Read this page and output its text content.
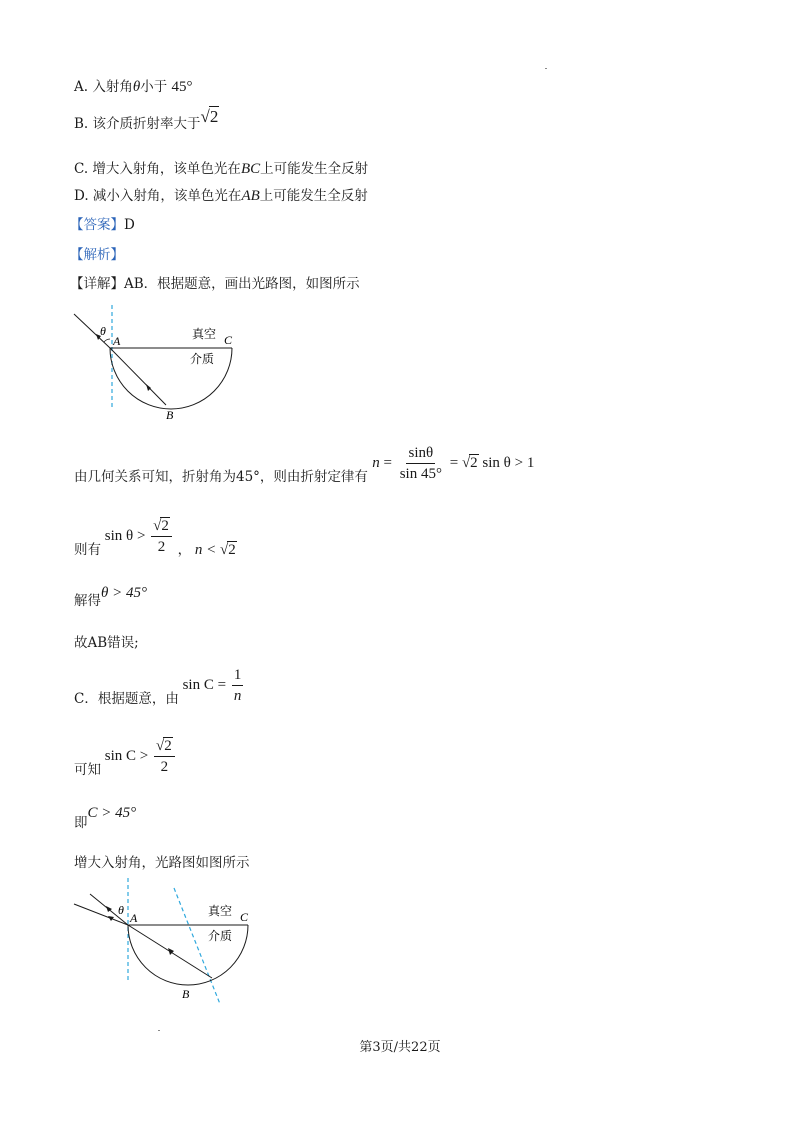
A. 入射角θ小于 45°
B. 该介质折射率大于√2
C. 增大入射角，该单色光在BC上可能发生全反射
D. 减小入射角，该单色光在AB上可能发生全反射
【答案】D
【解析】
【详解】AB．根据题意，画出光路图，如图所示
θ
A	C
B
真空
介质
由几何关系可知，折射角为45°，则由折射定律有 $n = \frac{\sin\theta}{\sin 45^\circ} = √2$ sin θ > 1
则有 $\sin \theta > \frac{√2}{2}$ ， n < √2
解得θ > 45°
故AB错误;
C．根据题意，由 $\sin C = \frac{1}{n}$
可知 $\sin C > \frac{√2}{2}$
即C > 45°
增大入射角，光路图如图所示
θ
A	C
B
真空
介质
第3页/共22页
